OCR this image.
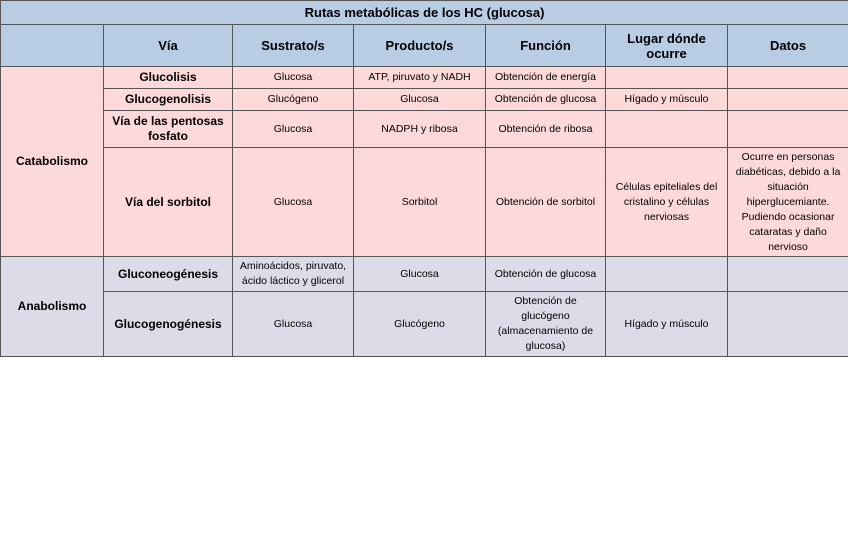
Rutas metabólicas de los HC (glucosa)						
	Vía	Sustrato/s	Producto/s	Función	Lugar dónde ocurre	Datos
Catabolismo	Glucolisis	Glucosa	ATP, piruvato y NADH	Obtención de energía		
	Glucogenolisis	Glucógeno	Glucosa	Obtención de glucosa	Hígado y músculo	
	Vía de las pentosas fosfato	Glucosa	NADPH y ribosa	Obtención de ribosa		
	Vía del sorbitol	Glucosa	Sorbitol	Obtención de sorbitol	Células epiteliales del cristalino y células nerviosas	Ocurre en personas diabéticas, debido a la situación hiperglucemiante. Pudiendo ocasionar cataratas y daño nervioso
Anabolismo	Gluconeogénesis	Aminoácidos, piruvato, ácido láctico y glicerol	Glucosa	Obtención de glucosa		
	Glucogenogénesis	Glucosa	Glucógeno	Obtención de glucógeno (almacenamiento de glucosa)	Hígado y músculo	
